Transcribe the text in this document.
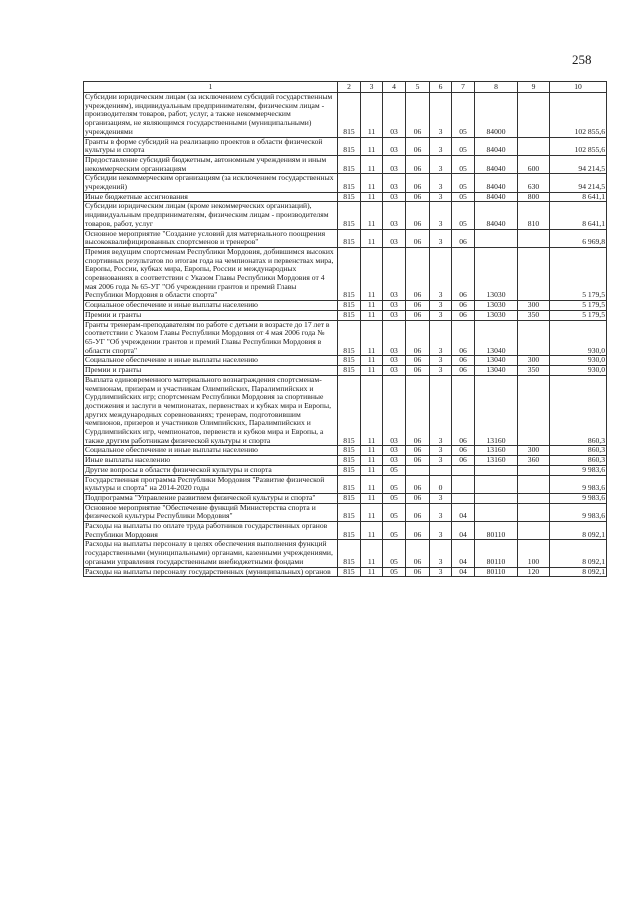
258
1	2	3	4	5	6	7	8	9	10
Субсидии юридическим лицам (за исключением субсидий государственным учреждениям), индивидуальным предпринимателям, физическим лицам - производителям товаров, работ, услуг, а также некоммерческим организациям, не являющимся государственными (муниципальными) учреждениями	815	11	03	06	3	05	84000		102 855,6
Гранты в форме субсидий на реализацию проектов в области физической культуры и спорта	815	11	03	06	3	05	84040		102 855,6
Предоставление субсидий бюджетным, автономным учреждениям и иным некоммерческим организациям	815	11	03	06	3	05	84040	600	94 214,5
Субсидии некоммерческим организациям (за исключением государственных учреждений)	815	11	03	06	3	05	84040	630	94 214,5
Иные бюджетные ассигнования	815	11	03	06	3	05	84040	800	8 641,1
Субсидии юридическим лицам (кроме некоммерческих организаций), индивидуальным предпринимателям, физическим лицам - производителям товаров, работ, услуг	815	11	03	06	3	05	84040	810	8 641,1
Основное мероприятие "Создание условий для материального поощрения высококвалифицированных спортсменов и тренеров"	815	11	03	06	3	06			6 969,8
Премия ведущим спортсменам Республики Мордовия, добившимся высоких спортивных результатов по итогам года на чемпионатах и первенствах мира, Европы, России, кубках мира, Европы, России и международных соревнованиях в соответствии с Указом Главы Республики Мордовия от 4 мая 2006 года № 65-УГ "Об учреждении грантов и премий Главы Республики Мордовия в области спорта"	815	11	03	06	3	06	13030		5 179,5
Социальное обеспечение и иные выплаты населению	815	11	03	06	3	06	13030	300	5 179,5
Премии и гранты	815	11	03	06	3	06	13030	350	5 179,5
Гранты тренерам-преподавателям по работе с детьми в возрасте до 17 лет в соответствии с Указом Главы Республики Мордовия от 4 мая 2006 года № 65-УГ "Об учреждении грантов и премий Главы Республики Мордовия в области спорта"	815	11	03	06	3	06	13040		930,0
Социальное обеспечение и иные выплаты населению	815	11	03	06	3	06	13040	300	930,0
Премии и гранты	815	11	03	06	3	06	13040	350	930,0
Выплата единовременного материального вознаграждения спортсменам-чемпионам, призерам и участникам Олимпийских, Паралимпийских и Сурдлимпийских игр; спортсменам Республики Мордовия за спортивные достижения и заслуги в чемпионатах, первенствах и кубках мира и Европы, других международных соревнованиях; тренерам, подготовившим чемпионов, призеров и участников Олимпийских, Паралимпийских и Сурдлимпийских игр, чемпионатов, первенств и кубков мира и Европы, а также другим работникам физической культуры и спорта	815	11	03	06	3	06	13160		860,3
Социальное обеспечение и иные выплаты населению	815	11	03	06	3	06	13160	300	860,3
Иные выплаты населению	815	11	03	06	3	06	13160	360	860,3
Другие вопросы в области физической культуры и спорта	815	11	05						9 983,6
Государственная программа Республики Мордовия "Развитие физической культуры и спорта" на 2014-2020 годы	815	11	05	06	0				9 983,6
Подпрограмма "Управление развитием физической культуры и спорта"	815	11	05	06	3				9 983,6
Основное мероприятие "Обеспечение функций Министерства спорта и физической культуры Республики Мордовия"	815	11	05	06	3	04			9 983,6
Расходы на выплаты по оплате труда работников государственных органов Республики Мордовия	815	11	05	06	3	04	80110		8 092,1
Расходы на выплаты персоналу в целях обеспечения выполнения функций государственными (муниципальными) органами, казенными учреждениями, органами управления государственными внебюджетными фондами	815	11	05	06	3	04	80110	100	8 092,1
Расходы на выплаты персоналу государственных (муниципальных) органов	815	11	05	06	3	04	80110	120	8 092,1
